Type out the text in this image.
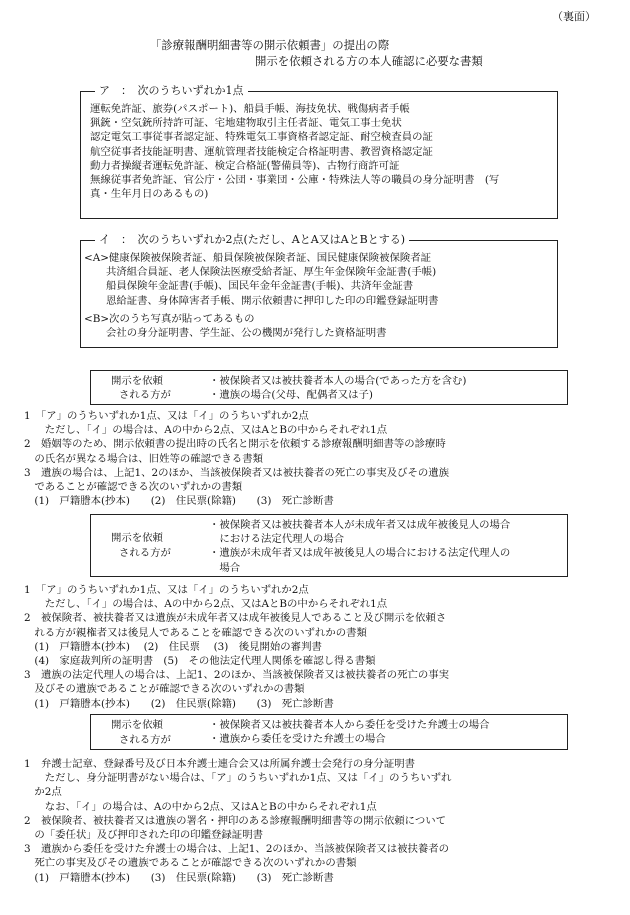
（裏面）
「診療報酬明細書等の開示依頼書」の提出の際
開示を依頼される方の本人確認に必要な書類
ア　：　次のうちいずれか1点
運転免許証、旅券(パスポート)、船員手帳、海技免状、戦傷病者手帳
猟銃・空気銃所持許可証、宅地建物取引主任者証、電気工事士免状
認定電気工事従事者認定証、特殊電気工事資格者認定証、耐空検査員の証
航空従事者技能証明書、運航管理者技能検定合格証明書、教習資格認定証
動力者操縦者運転免許証、検定合格証(警備員等)、古物行商許可証
無線従事者免許証、官公庁・公団・事業団・公庫・特殊法人等の職員の身分証明書　(写
真・生年月日のあるもの)
イ　：　次のうちいずれか2点(ただし、AとA又はAとBとする)
<A>健康保険被保険者証、船員保険被保険者証、国民健康保険被保険者証
共済組合員証、老人保険法医療受給者証、厚生年金保険年金証書(手帳)
船員保険年金証書(手帳)、国民年金年金証書(手帳)、共済年金証書
恩給証書、身体障害者手帳、開示依頼書に押印した印の印鑑登録証明書
<B>次のうち写真が貼ってあるもの
会社の身分証明書、学生証、公の機関が発行した資格証明書
開示を依頼
される方が
・被保険者又は被扶養者本人の場合(であった方を含む)
・遺族の場合(父母、配偶者又は子)
1　「ア」のうちいずれか1点、又は「イ」のうちいずれか2点
　　ただし、「イ」の場合は、Aの中から2点、又はAとBの中からそれぞれ1点
2　婚姻等のため、開示依頼書の提出時の氏名と開示を依頼する診療報酬明細書等の診療時
　の氏名が異なる場合は、旧姓等の確認できる書類
3　遺族の場合は、上記1、2のほか、当該被保険者又は被扶養者の死亡の事実及びその遺族
　であることが確認できる次のいずれかの書類
　(1)　戸籍謄本(抄本)　　(2)　住民票(除籍)　　(3)　死亡診断書
開示を依頼
される方が
・被保険者又は被扶養者本人が未成年者又は成年被後見人の場合
　における法定代理人の場合
・遺族が未成年者又は成年被後見人の場合における法定代理人の
　場合
1　「ア」のうちいずれか1点、又は「イ」のうちいずれか2点
　　ただし、「イ」の場合は、Aの中から2点、又はAとBの中からそれぞれ1点
2　被保険者、被扶養者又は遺族が未成年者又は成年被後見人であること及び開示を依頼さ
　れる方が親権者又は後見人であることを確認できる次のいずれかの書類
　(1)　戸籍謄本(抄本)　 (2)　住民票　 (3)　後見開始の審判書
　(4)　家庭裁判所の証明書　(5)　その他法定代理人関係を確認し得る書類
3　遺族の法定代理人の場合は、上記1、2のほか、当該被保険者又は被扶養者の死亡の事実
　及びその遺族であることが確認できる次のいずれかの書類
　(1)　戸籍謄本(抄本)　　(2)　住民票(除籍)　　(3)　死亡診断書
開示を依頼
される方が
・被保険者又は被扶養者本人から委任を受けた弁護士の場合
・遺族から委任を受けた弁護士の場合
1　弁護士記章、登録番号及び日本弁護士連合会又は所属弁護士会発行の身分証明書
　　ただし、身分証明書がない場合は、「ア」のうちいずれか1点、又は「イ」のうちいずれ
　か2点
　　なお、「イ」の場合は、Aの中から2点、又はAとBの中からそれぞれ1点
2　被保険者、被扶養者又は遺族の署名・押印のある診療報酬明細書等の開示依頼について
　の「委任状」及び押印された印の印鑑登録証明書
3　遺族から委任を受けた弁護士の場合は、上記1、2のほか、当該被保険者又は被扶養者の
　死亡の事実及びその遺族であることが確認できる次のいずれかの書類
　(1)　戸籍謄本(抄本)　　(3)　住民票(除籍)　　(3)　死亡診断書
